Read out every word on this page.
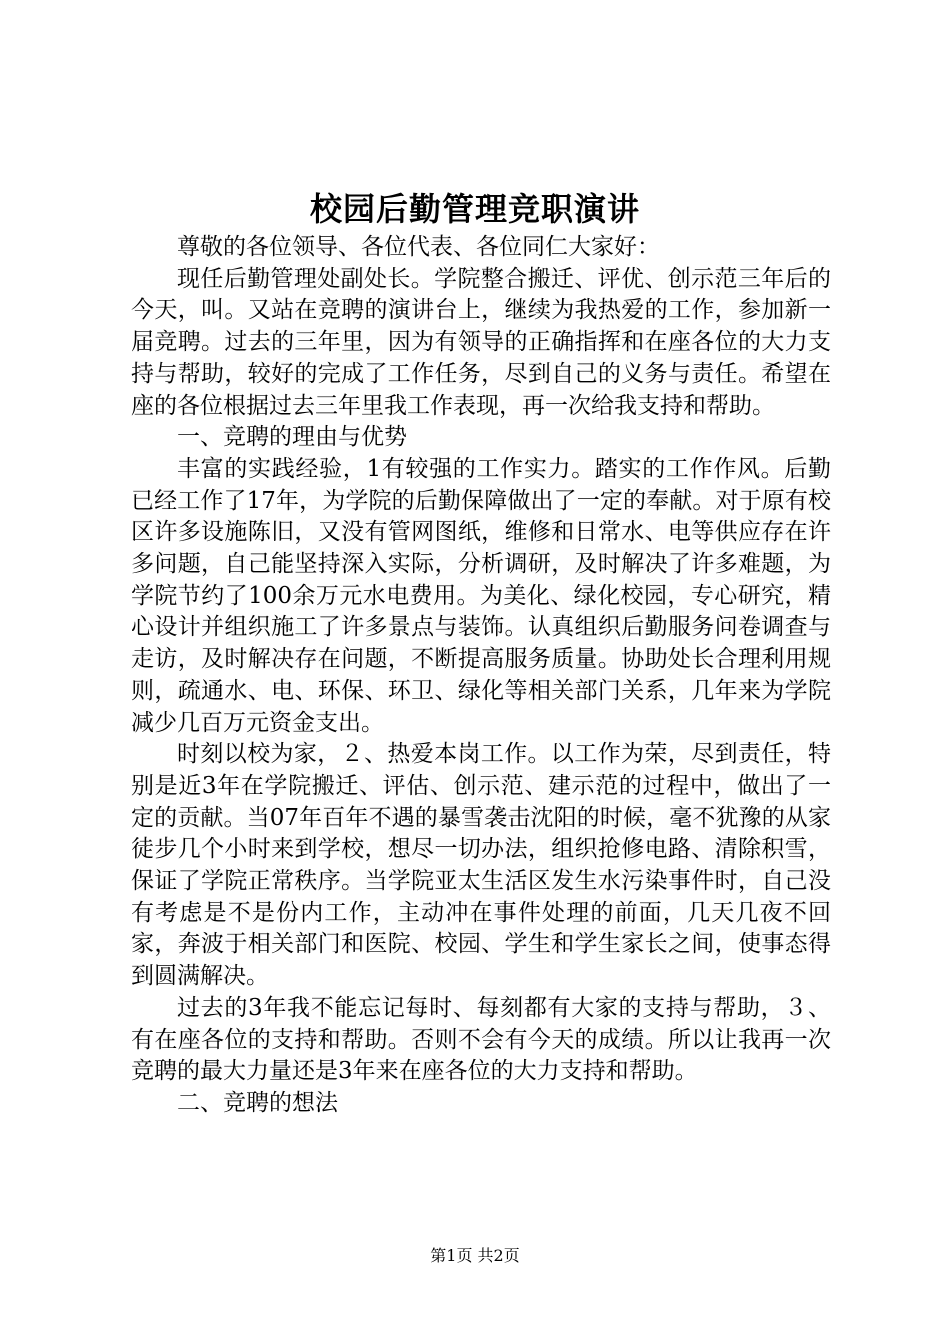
校园后勤管理竞职演讲

尊敬的各位领导、各位代表、各位同仁大家好：

现任后勤管理处副处长。学院整合搬迁、评优、创示范三年后的今天，叫。又站在竞聘的演讲台上，继续为我热爱的工作，参加新一届竞聘。过去的三年里，因为有领导的正确指挥和在座各位的大力支持与帮助，较好的完成了工作任务，尽到自己的义务与责任。希望在座的各位根据过去三年里我工作表现，再一次给我支持和帮助。

一、竞聘的理由与优势

丰富的实践经验，1有较强的工作实力。踏实的工作作风。后勤已经工作了17年，为学院的后勤保障做出了一定的奉献。对于原有校区许多设施陈旧，又没有管网图纸，维修和日常水、电等供应存在许多问题，自己能坚持深入实际，分析调研，及时解决了许多难题，为学院节约了100余万元水电费用。为美化、绿化校园，专心研究，精心设计并组织施工了许多景点与装饰。认真组织后勤服务问卷调查与走访，及时解决存在问题，不断提高服务质量。协助处长合理利用规则，疏通水、电、环保、环卫、绿化等相关部门关系，几年来为学院减少几百万元资金支出。

时刻以校为家，２、热爱本岗工作。以工作为荣，尽到责任，特别是近3年在学院搬迁、评估、创示范、建示范的过程中，做出了一定的贡献。当07年百年不遇的暴雪袭击沈阳的时候，毫不犹豫的从家徒步几个小时来到学校，想尽一切办法，组织抢修电路、清除积雪，保证了学院正常秩序。当学院亚太生活区发生水污染事件时，自己没有考虑是不是份内工作，主动冲在事件处理的前面，几天几夜不回家，奔波于相关部门和医院、校园、学生和学生家长之间，使事态得到圆满解决。

过去的3年我不能忘记每时、每刻都有大家的支持与帮助，３、有在座各位的支持和帮助。否则不会有今天的成绩。所以让我再一次竞聘的最大力量还是3年来在座各位的大力支持和帮助。

二、竞聘的想法

第1页 共2页
